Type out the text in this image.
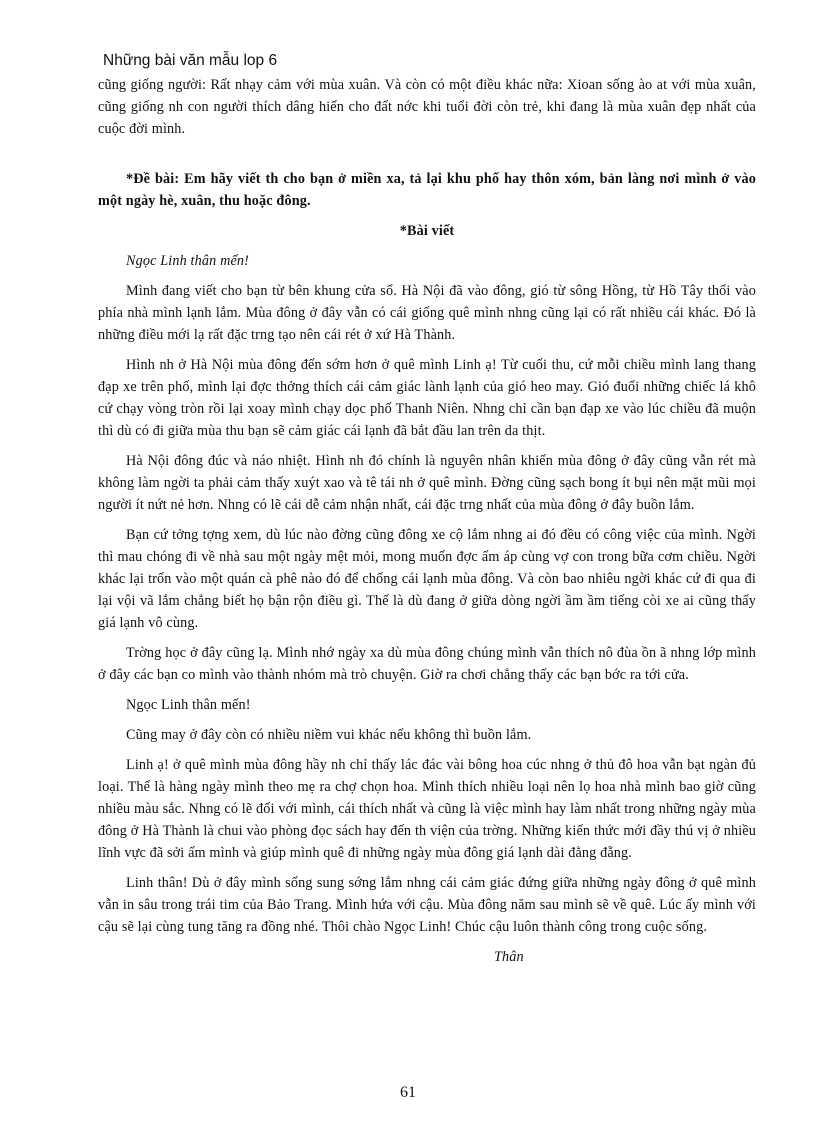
Những bài văn mẫu lop 6

cũng giống người: Rất nhạy cảm với mùa xuân. Và còn có một điều khác nữa: Xioan sống ào at với mùa xuân, cũng giống nh con người thích dâng hiến cho đất nớc khi tuổi đời còn trẻ, khi đang là mùa xuân đẹp nhất của cuộc đời mình.

*Đề bài: Em hãy viết th cho bạn ở miền xa, tả lại khu phố hay thôn xóm, bản làng nơi mình ở vào một ngày hè, xuân, thu hoặc đông.

*Bài viết

Ngọc Linh thân mến!

Mình đang viết cho bạn từ bên khung cửa sổ. Hà Nội đã vào đông, gió từ sông Hồng, từ Hồ Tây thổi vào phía nhà mình lạnh lắm. Mùa đông ở đây vẫn có cái giống quê mình nhng cũng lại có rất nhiều cái khác. Đó là những điều mới lạ rất đặc trng tạo nên cái rét ở xứ Hà Thành.

Hình nh ở Hà Nội mùa đông đến sớm hơn ở quê mình Linh ạ! Từ cuối thu, cứ mỗi chiều mình lang thang đạp xe trên phố, mình lại đợc thởng thích cái cảm giác lành lạnh của gió heo may. Gió đuổi những chiếc lá khô cứ chạy vòng tròn rồi lại xoay mình chạy dọc phố Thanh Niên. Nhng chỉ cần bạn đạp xe vào lúc chiều đã muộn thì dù có đi giữa mùa thu bạn sẽ cảm giác cái lạnh đã bắt đầu lan trên da thịt.

Hà Nội đông đúc và náo nhiệt. Hình nh đó chính là nguyên nhân khiến mùa đông ở đây cũng vẫn rét mà không làm ngời ta phải cảm thấy xuýt xao và tê tái nh ở quê mình. Đờng cũng sạch bong ít bụi nên mặt mũi mọi người ít nứt nẻ hơn. Nhng có lẽ cái dễ cảm nhận nhất, cái đặc trng nhất của mùa đông ở đây buồn lắm.

Bạn cứ tởng tợng xem, dù lúc nào đờng cũng đông xe cộ lắm nhng ai đó đều có công việc của mình. Ngời thì mau chóng đi về nhà sau một ngày mệt mỏi, mong muốn đợc ấm áp cùng vợ con trong bữa cơm chiều. Ngời khác lại trốn vào một quán cà phê nào đó để chống cái lạnh mùa đông. Và còn bao nhiêu ngời khác cứ đi qua đi lại vội vã lắm chẳng biết họ bận rộn điều gì. Thế là dù đang ở giữa dòng ngời ầm ầm tiếng còi xe ai cũng thấy giá lạnh vô cùng.

Trờng học ở đây cũng lạ. Mình nhớ ngày xa dù mùa đông chúng mình vẫn thích nô đùa ồn ã nhng lớp mình ở đây các bạn co mình vào thành nhóm mà trò chuyện. Giờ ra chơi chẳng thấy các bạn bớc ra tới cửa.

Ngọc Linh thân mến!

Cũng may ở đây còn có nhiều niềm vui khác nếu không thì buồn lắm.

Linh ạ! ở quê mình mùa đông hầy nh chỉ thấy lác đác vài bông hoa cúc nhng ở thủ đô hoa vẫn bạt ngàn đủ loại. Thế là hàng ngày mình theo mẹ ra chợ chọn hoa. Mình thích nhiều loại nên lọ hoa nhà mình bao giờ cũng nhiều màu sắc. Nhng có lẽ đối với mình, cái thích nhất và cũng là việc mình hay làm nhất trong những ngày mùa đông ở Hà Thành là chui vào phòng đọc sách hay đến th viện của trờng. Những kiến thức mới đầy thú vị ở nhiều lĩnh vực đã sởi ấm mình và giúp mình quê đi những ngày mùa đông giá lạnh dài đằng đẵng.

Linh thân! Dù ở đây mình sống sung sớng lắm nhng cái cảm giác đứng giữa những ngày đông ở quê mình vẫn in sâu trong trái tim của Bảo Trang. Mình hứa với cậu. Mùa đông năm sau mình sẽ về quê. Lúc ấy mình với cậu sẽ lại cùng tung tăng ra đồng nhé. Thôi chào Ngọc Linh! Chúc cậu luôn thành công trong cuộc sống.

Thân

61
